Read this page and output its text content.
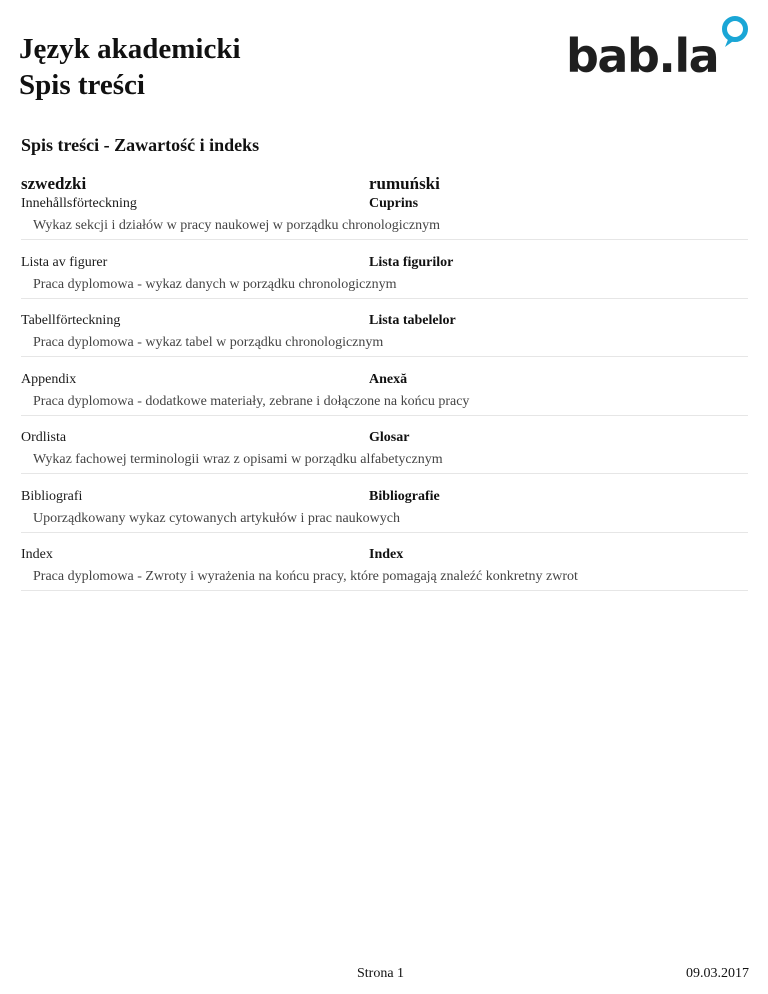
Język akademicki
Spis treści
bab.la
Spis treści - Zawartość i indeks
szwedzki	rumuński
Innehållsförteckning	Cuprins
Wykaz sekcji i działów w pracy naukowej w porządku chronologicznym
Lista av figurer	Lista figurilor
Praca dyplomowa - wykaz danych w porządku chronologicznym
Tabellförteckning	Lista tabelelor
Praca dyplomowa - wykaz tabel w porządku chronologicznym
Appendix	Anexă
Praca dyplomowa - dodatkowe materiały, zebrane i dołączone na końcu pracy
Ordlista	Glosar
Wykaz fachowej terminologii wraz z opisami w porządku alfabetycznym
Bibliografi	Bibliografie
Uporządkowany wykaz cytowanych artykułów i prac naukowych
Index	Index
Praca dyplomowa - Zwroty i wyrażenia na końcu pracy, które pomagają znaleźć konkretny zwrot
Strona 1	09.03.2017
